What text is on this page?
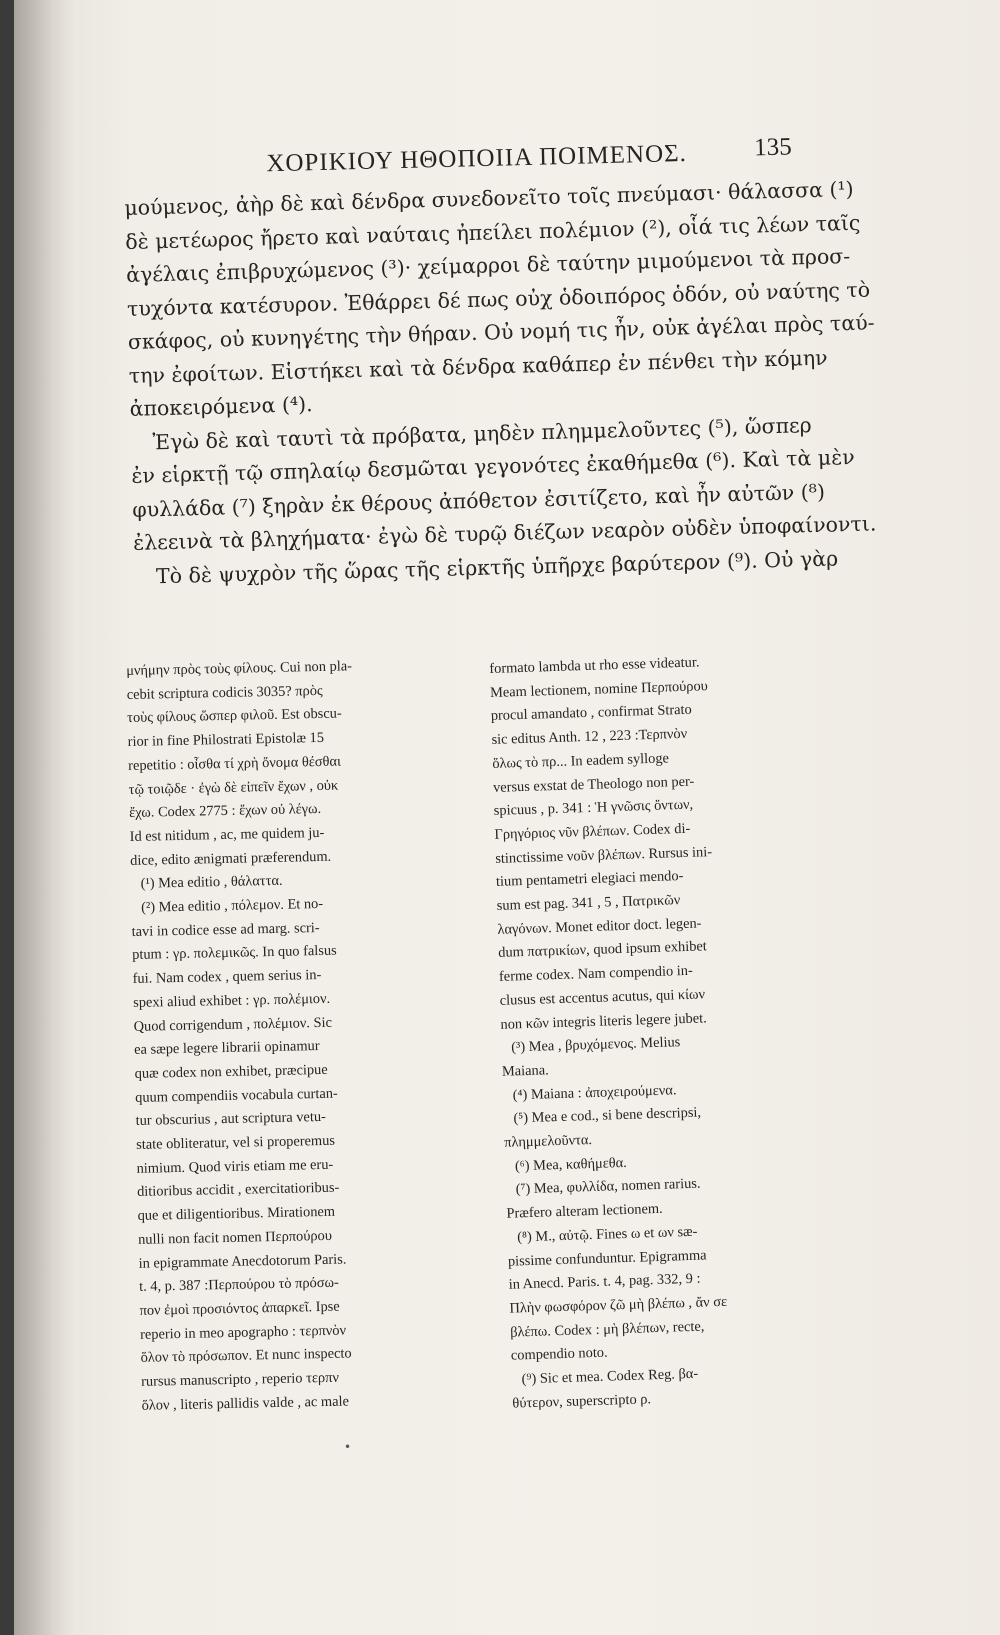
ΧΟΡΙΚΙΟΥ ΗΘΟΠΟΙΙΑ ΠΟΙΜΕΝΟΣ.	135
μούμενος, ἀὴρ δὲ καὶ δένδρα συνεδονεῖτο τοῖς πνεύμασι· θάλασσα (¹)
δὲ μετέωρος ἤρετο καὶ ναύταις ἠπείλει πολέμιον (²), οἷά τις λέων ταῖς
ἀγέλαις ἐπιβρυχώμενος (³)· χείμαρροι δὲ ταύτην μιμούμενοι τὰ προσ-
τυχόντα κατέσυρον. Ἐθάρρει δέ πως οὐχ ὁδοιπόρος ὁδόν, οὐ ναύτης τὸ
σκάφος, οὐ κυνηγέτης τὴν θήραν. Οὐ νομή τις ἦν, οὐκ ἀγέλαι πρὸς ταύ-
την ἐφοίτων. Εἱστήκει καὶ τὰ δένδρα καθάπερ ἐν πένθει τὴν κόμην
ἀποκειρόμενα (⁴).
Ἐγὼ δὲ καὶ ταυτὶ τὰ πρόβατα, μηδὲν πλημμελοῦντες (⁵), ὥσπερ
ἐν εἱρκτῇ τῷ σπηλαίῳ δεσμῶται γεγονότες ἐκαθήμεθα (⁶). Καὶ τὰ μὲν
φυλλάδα (⁷) ξηρὰν ἐκ θέρους ἀπόθετον ἐσιτίζετο, καὶ ἦν αὐτῶν (⁸)
ἐλεεινὰ τὰ βληχήματα· ἐγὼ δὲ τυρῷ διέζων νεαρὸν οὐδὲν ὑποφαίνοντι.
Τὸ δὲ ψυχρὸν τῆς ὥρας τῆς εἱρκτῆς ὑπῆρχε βαρύτερον (⁹). Οὐ γὰρ
μνήμην πρὸς τοὺς φίλους. Cui non pla-
cebit scriptura codicis 3035? πρὸς
τοὺς φίλους ὥσπερ φιλοῦ. Est obscu-
rior in fine Philostrati Epistolæ 15
repetitio : οἶσθα τί χρὴ ὄνομα θέσθαι
τῷ τοιῷδε · ἐγὼ δὲ εἰπεῖν ἔχων , οὐκ
ἔχω. Codex 2775 : ἔχων οὐ λέγω.
Id est nitidum , ac, me quidem ju-
dice, edito ænigmati præferendum.
(¹) Mea editio , θάλαττα.
(²) Mea editio , πόλεμον. Et no-
tavi in codice esse ad marg. scri-
ptum : γρ. πολεμικῶς. In quo falsus
fui. Nam codex , quem serius in-
spexi aliud exhibet : γρ. πολέμιον.
Quod corrigendum , πολέμιον. Sic
ea sæpe legere librarii opinamur
quæ codex non exhibet, præcipue
quum compendiis vocabula curtan-
tur obscurius , aut scriptura vetu-
state obliteratur, vel si properemus
nimium. Quod viris etiam me eru-
ditioribus accidit , exercitatioribus-
que et diligentioribus. Mirationem
nulli non facit nomen Περπούρου
in epigrammate Anecdotorum Paris.
t. 4, p. 387 :Περπούρου τὸ πρόσω-
πον ἐμοὶ προσιόντος ἀπαρκεῖ. Ipse
reperio in meo apographo : τερπνὸν
ὅλον τὸ πρόσωπον. Et nunc inspecto
rursus manuscripto , reperio τερπν
ὅλον , literis pallidis valde , ac male
formato lambda ut rho esse videatur.
Meam lectionem, nomine Περπούρου
procul amandato , confirmat Strato
sic editus Anth. 12 , 223 :Τερπνὸν
ὅλως τὸ πρ... In eadem sylloge
versus exstat de Theologo non per-
spicuus , p. 341 : Ἡ γνῶσις ὄντων,
Γρηγόριος νῦν βλέπων. Codex di-
stinctissime νοῦν βλέπων. Rursus ini-
tium pentametri elegiaci mendo-
sum est pag. 341 , 5 , Πατρικῶν
λαγόνων. Monet editor doct. legen-
dum πατρικίων, quod ipsum exhibet
ferme codex. Nam compendio in-
clusus est accentus acutus, qui κίων
non κῶν integris literis legere jubet.
(³) Mea , βρυχόμενος. Melius
Maiana.
(⁴) Maiana : ἀποχειρούμενα.
(⁵) Mea e cod., si bene descripsi,
πλημμελοῦντα.
(⁶) Mea, καθήμεθα.
(⁷) Mea, φυλλίδα, nomen rarius.
Præfero alteram lectionem.
(⁸) M., αὐτῷ. Fines ω et ων sæ-
pissime confunduntur. Epigramma
in Anecd. Paris. t. 4, pag. 332, 9 :
Πλὴν φωσφόρον ζῶ μὴ βλέπω , ἄν σε
βλέπω. Codex : μὴ βλέπων, recte,
compendio noto.
(⁹) Sic et mea. Codex Reg. βα-
θύτερον, superscripto ρ.
•
